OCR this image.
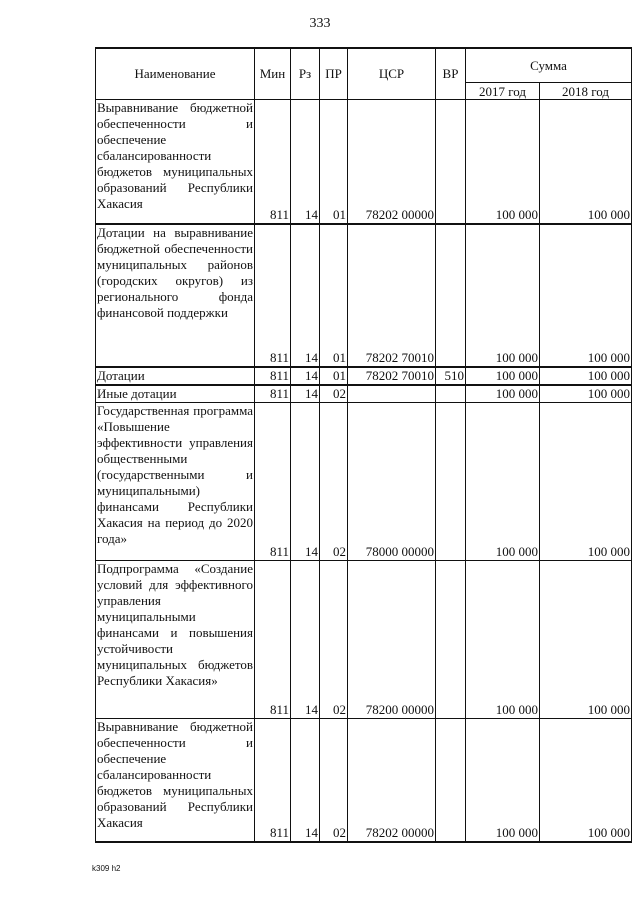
333
Наименование	Мин	Рз	ПР	ЦСР	ВР	Сумма	
						2017 год	2018 год
Выравнивание бюджетной обеспеченности и обеспечение сбалансированности бюджетов муниципальных образований Республики Хакасия	811	14	01	78202 00000		100 000	100 000
Дотации на выравнивание бюджетной обеспеченности муниципальных районов (городских округов) из регионального фонда финансовой поддержки	811	14	01	78202 70010		100 000	100 000
Дотации	811	14	01	78202 70010	510	100 000	100 000
Иные дотации	811	14	02			100 000	100 000
Государственная программа «Повышение эффективности управления общественными (государственными и муниципальными) финансами Республики Хакасия на период до 2020 года»	811	14	02	78000 00000		100 000	100 000
Подпрограмма «Создание условий для эффективного управления муниципальными финансами и повышения устойчивости муниципальных бюджетов Республики Хакасия»	811	14	02	78200 00000		100 000	100 000
Выравнивание бюджетной обеспеченности и обеспечение сбалансированности бюджетов муниципальных образований Республики Хакасия	811	14	02	78202 00000		100 000	100 000
k309 h2
